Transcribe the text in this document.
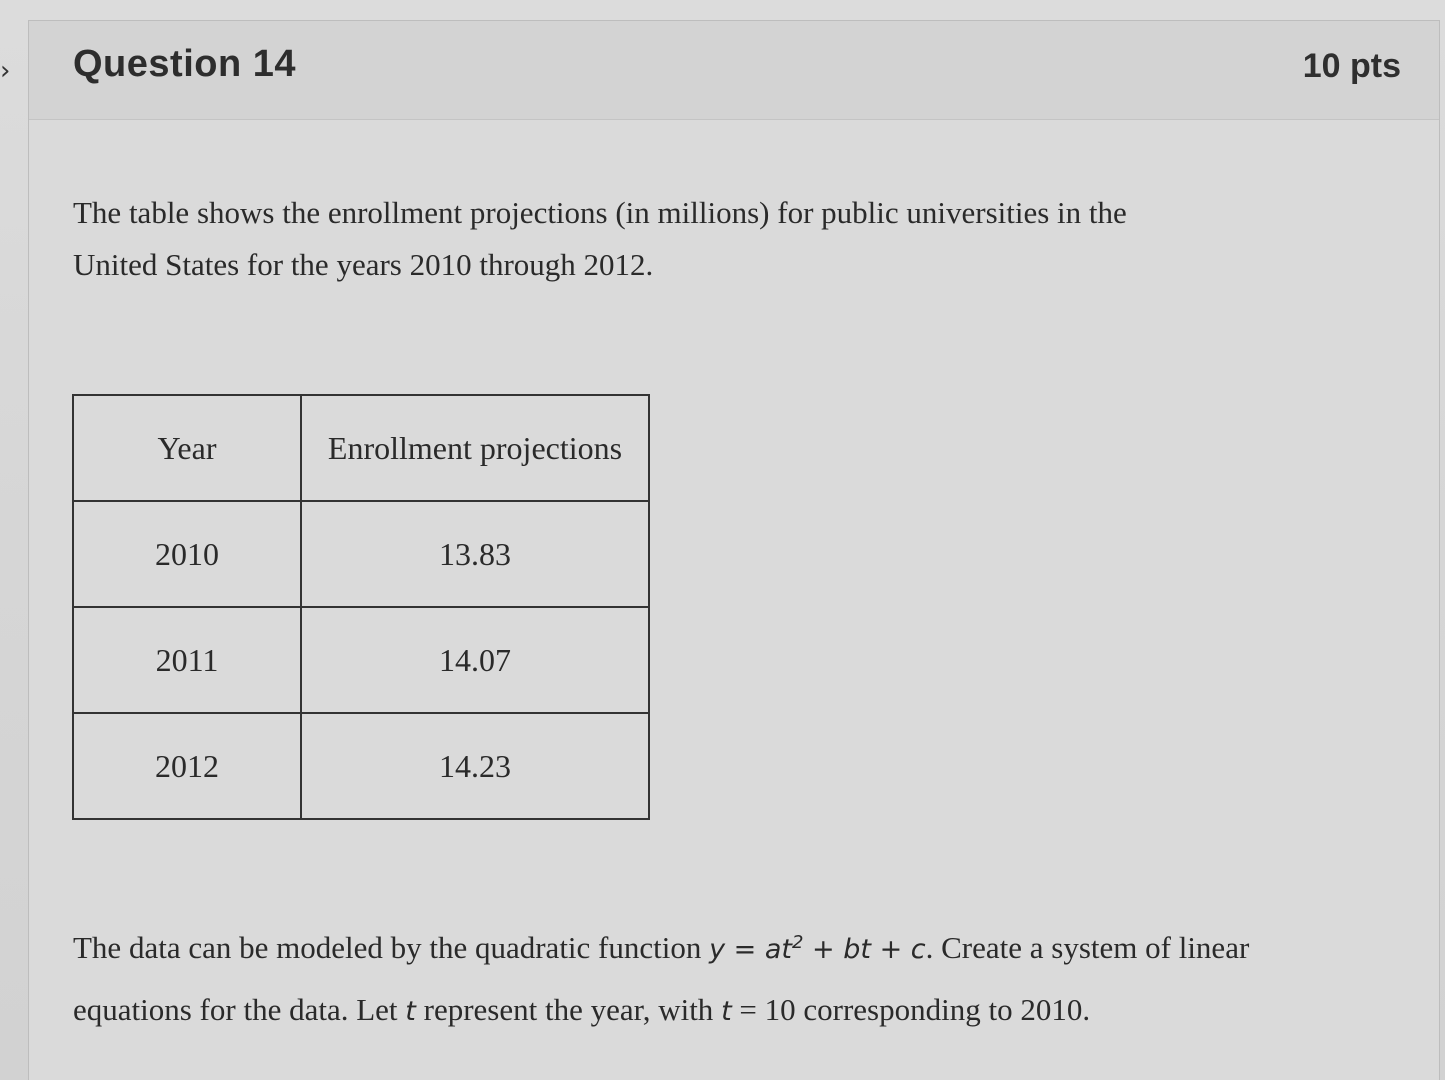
› Question 14	10 pts
The table shows the enrollment projections (in millions) for public universities in the
United States for the years 2010 through 2012.
Year	Enrollment projections
2010	13.83
2011	14.07
2012	14.23
The data can be modeled by the quadratic function $y = at^2$ + bt + c. Create a system of linear
equations for the data. Let t represent the year, with t = 10 corresponding to 2010.
